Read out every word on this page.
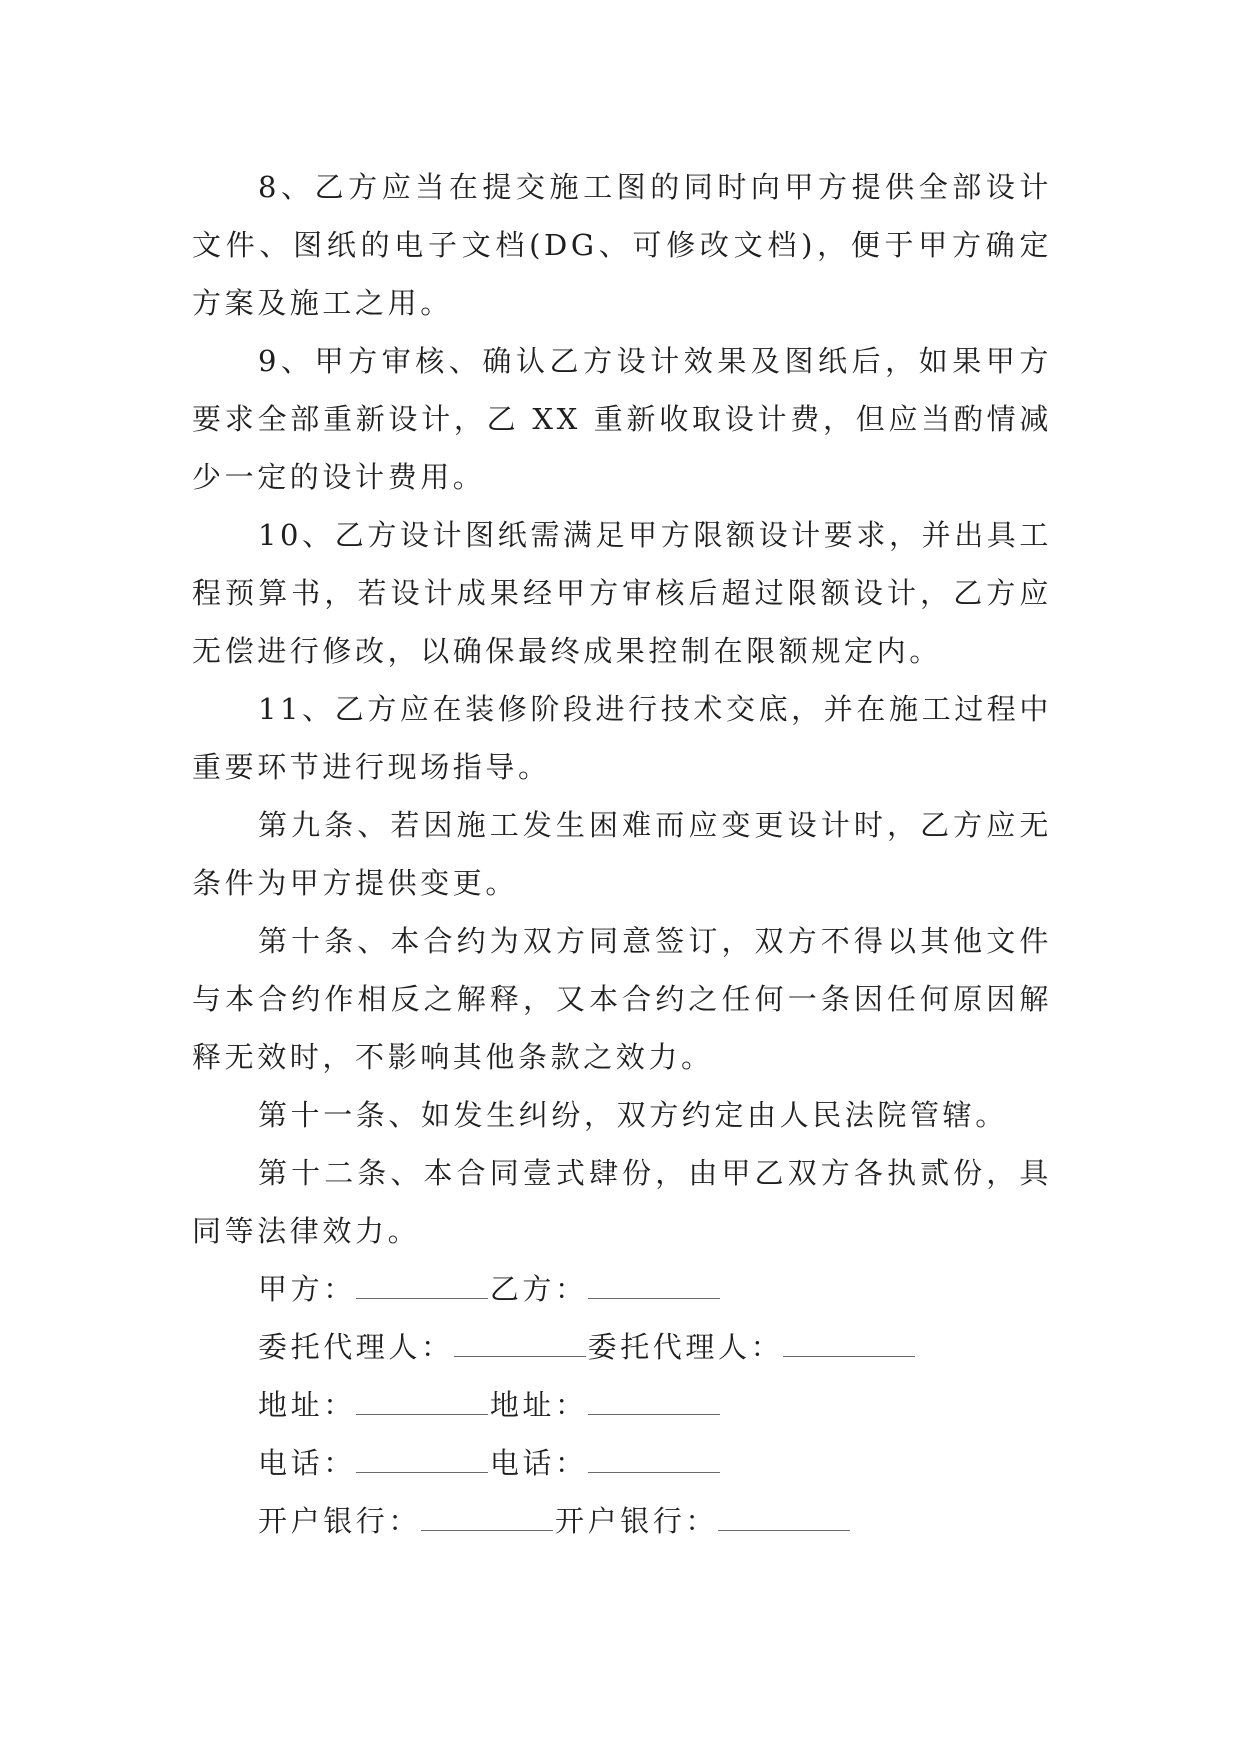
8、乙方应当在提交施工图的同时向甲方提供全部设计文件、图纸的电子文档(DG、可修改文档)，便于甲方确定方案及施工之用。

9、甲方审核、确认乙方设计效果及图纸后，如果甲方要求全部重新设计，乙 XX 重新收取设计费，但应当酌情减少一定的设计费用。

10、乙方设计图纸需满足甲方限额设计要求，并出具工程预算书，若设计成果经甲方审核后超过限额设计，乙方应无偿进行修改，以确保最终成果控制在限额规定内。

11、乙方应在装修阶段进行技术交底，并在施工过程中重要环节进行现场指导。

第九条、若因施工发生困难而应变更设计时，乙方应无条件为甲方提供变更。

第十条、本合约为双方同意签订，双方不得以其他文件与本合约作相反之解释，又本合约之任何一条因任何原因解释无效时，不影响其他条款之效力。

第十一条、如发生纠纷，双方约定由人民法院管辖。

第十二条、本合同壹式肆份，由甲乙双方各执贰份，具同等法律效力。

甲方：	乙方：
委托代理人：	委托代理人：
地址：	地址：
电话：	电话：
开户银行：	开户银行：
